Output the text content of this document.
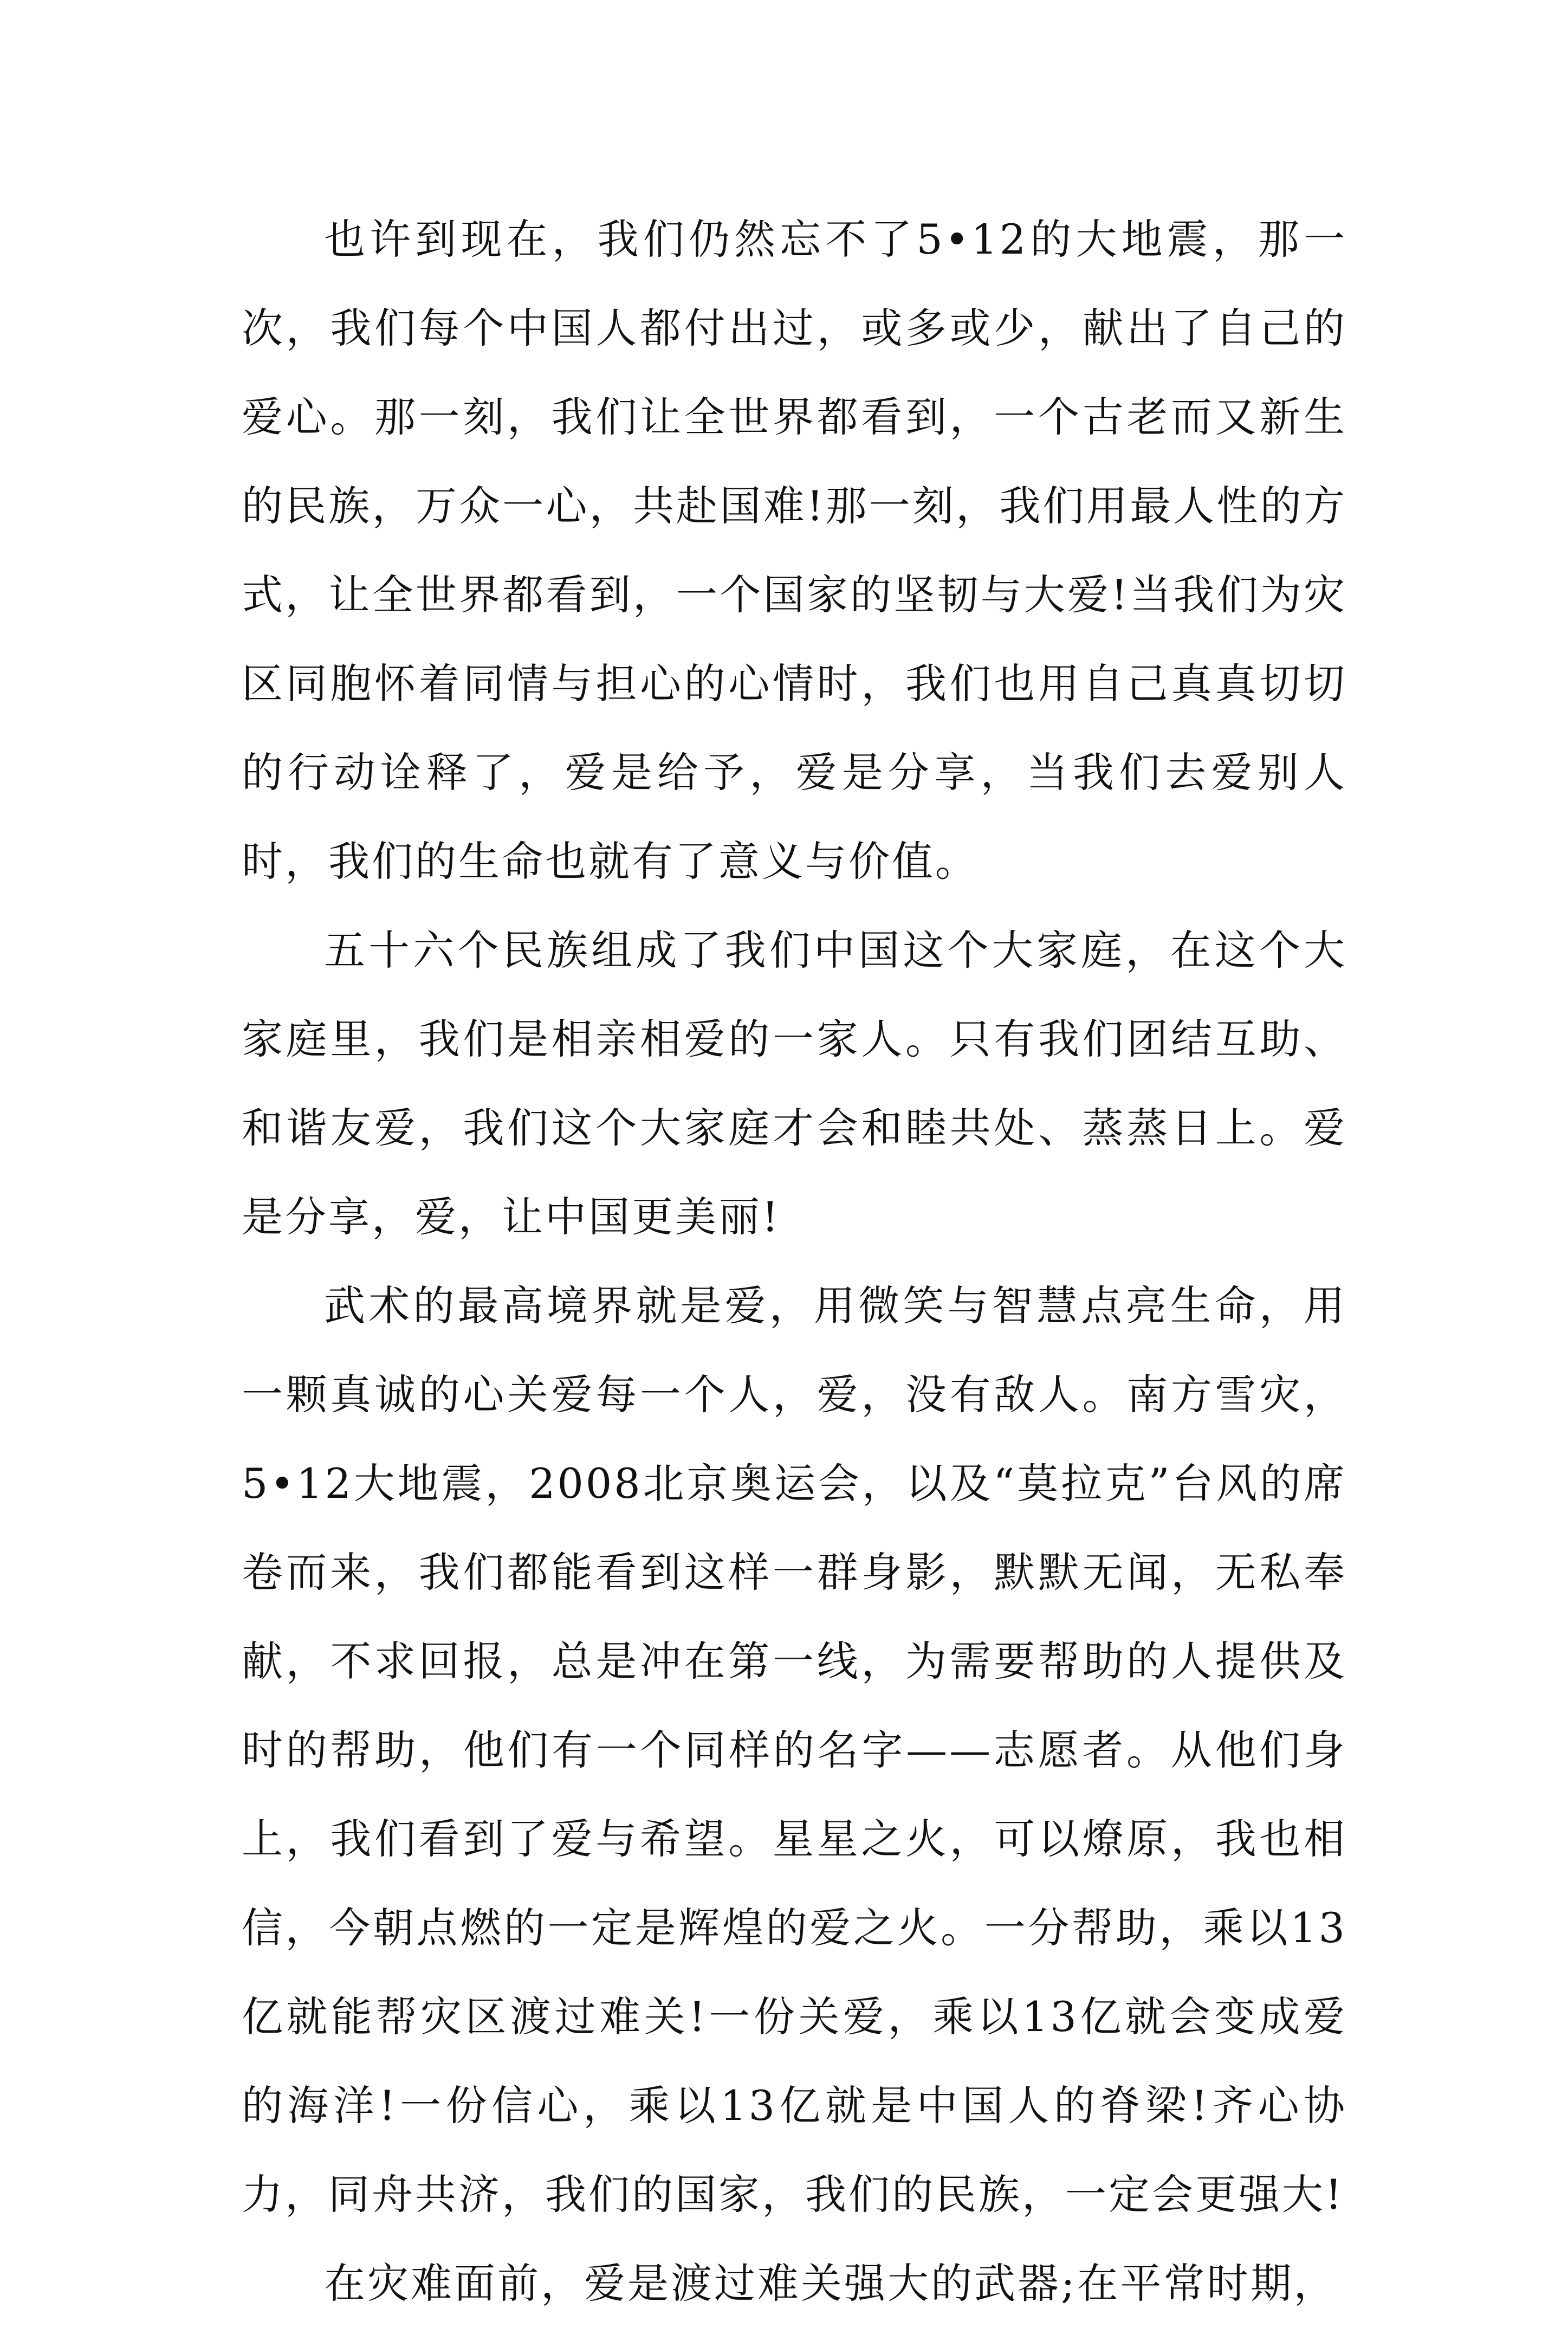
也许到现在，我们仍然忘不了5•12的大地震，那一次，我们每个中国人都付出过，或多或少，献出了自己的爱心。那一刻，我们让全世界都看到，一个古老而又新生的民族，万众一心，共赴国难!那一刻，我们用最人性的方式，让全世界都看到，一个国家的坚韧与大爱!当我们为灾区同胞怀着同情与担心的心情时，我们也用自己真真切切的行动诠释了，爱是给予，爱是分享，当我们去爱别人时，我们的生命也就有了意义与价值。

五十六个民族组成了我们中国这个大家庭，在这个大家庭里，我们是相亲相爱的一家人。只有我们团结互助、和谐友爱，我们这个大家庭才会和睦共处、蒸蒸日上。爱是分享，爱，让中国更美丽!

武术的最高境界就是爱，用微笑与智慧点亮生命，用一颗真诚的心关爱每一个人，爱，没有敌人。南方雪灾，5•12大地震，2008北京奥运会，以及“莫拉克”台风的席卷而来，我们都能看到这样一群身影，默默无闻，无私奉献，不求回报，总是冲在第一线，为需要帮助的人提供及时的帮助，他们有一个同样的名字——志愿者。从他们身上，我们看到了爱与希望。星星之火，可以燎原，我也相信，今朝点燃的一定是辉煌的爱之火。一分帮助，乘以13亿就能帮灾区渡过难关!一份关爱，乘以13亿就会变成爱的海洋!一份信心，乘以13亿就是中国人的脊梁!齐心协力，同舟共济，我们的国家，我们的民族，一定会更强大!

在灾难面前，爱是渡过难关强大的武器;在平常时期，
